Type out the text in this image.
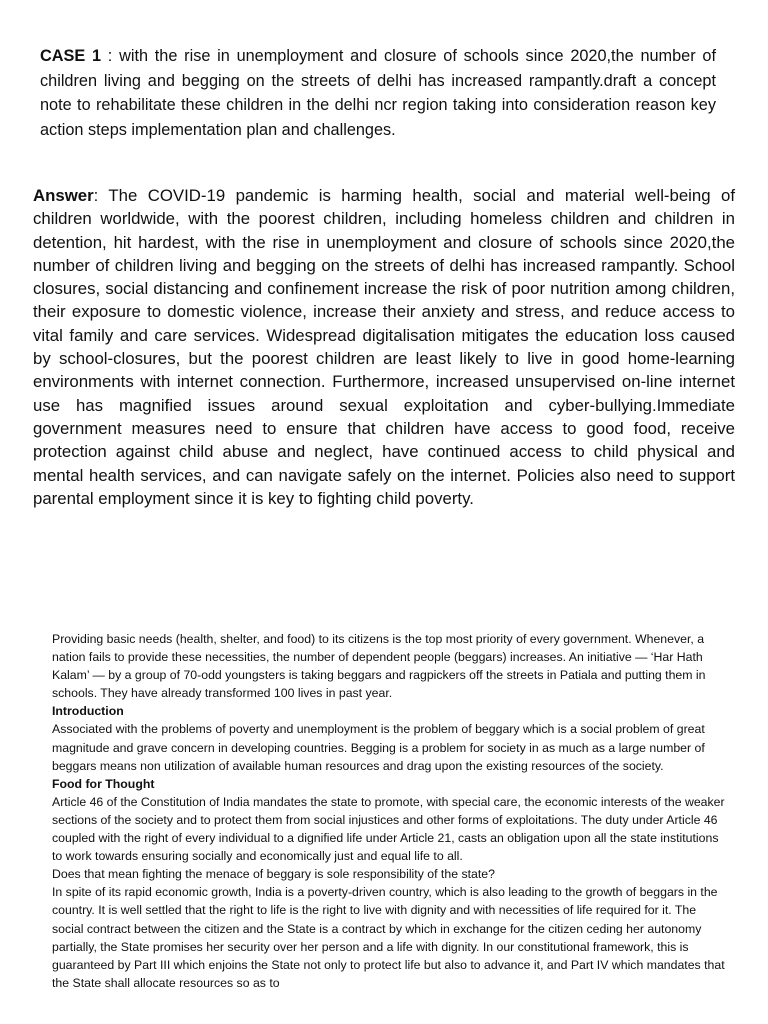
CASE 1 : with the rise in unemployment and closure of schools since 2020,the number of children living and begging on the streets of delhi has increased rampantly.draft a concept note to rehabilitate these children in the delhi ncr region taking into consideration reason key action steps implementation plan and challenges.
Answer: The COVID-19 pandemic is harming health, social and material well-being of children worldwide, with the poorest children, including homeless children and children in detention, hit hardest, with the rise in unemployment and closure of schools since 2020,the number of children living and begging on the streets of delhi has increased rampantly. School closures, social distancing and confinement increase the risk of poor nutrition among children, their exposure to domestic violence, increase their anxiety and stress, and reduce access to vital family and care services. Widespread digitalisation mitigates the education loss caused by school-closures, but the poorest children are least likely to live in good home-learning environments with internet connection. Furthermore, increased unsupervised on-line internet use has magnified issues around sexual exploitation and cyber-bullying.Immediate government measures need to ensure that children have access to good food, receive protection against child abuse and neglect, have continued access to child physical and mental health services, and can navigate safely on the internet. Policies also need to support parental employment since it is key to fighting child poverty.

Providing basic needs (health, shelter, and food) to its citizens is the top most priority of every government. Whenever, a nation fails to provide these necessities, the number of dependent people (beggars) increases. An initiative — ‘Har Hath Kalam’ — by a group of 70-odd youngsters is taking beggars and ragpickers off the streets in Patiala and putting them in schools. They have already transformed 100 lives in past year.

Introduction

Associated with the problems of poverty and unemployment is the problem of beggary which is a social problem of great magnitude and grave concern in developing countries. Begging is a problem for society in as much as a large number of beggars means non utilization of available human resources and drag upon the existing resources of the society.

Food for Thought

Article 46 of the Constitution of India mandates the state to promote, with special care, the economic interests of the weaker sections of the society and to protect them from social injustices and other forms of exploitations. The duty under Article 46 coupled with the right of every individual to a dignified life under Article 21, casts an obligation upon all the state institutions to work towards ensuring socially and economically just and equal life to all.

Does that mean fighting the menace of beggary is sole responsibility of the state?

In spite of its rapid economic growth, India is a poverty-driven country, which is also leading to the growth of beggars in the country. It is well settled that the right to life is the right to live with dignity and with necessities of life required for it. The social contract between the citizen and the State is a contract by which in exchange for the citizen ceding her autonomy partially, the State promises her security over her person and a life with dignity. In our constitutional framework, this is guaranteed by Part III which enjoins the State not only to protect life but also to advance it, and Part IV which mandates that the State shall allocate resources so as to
